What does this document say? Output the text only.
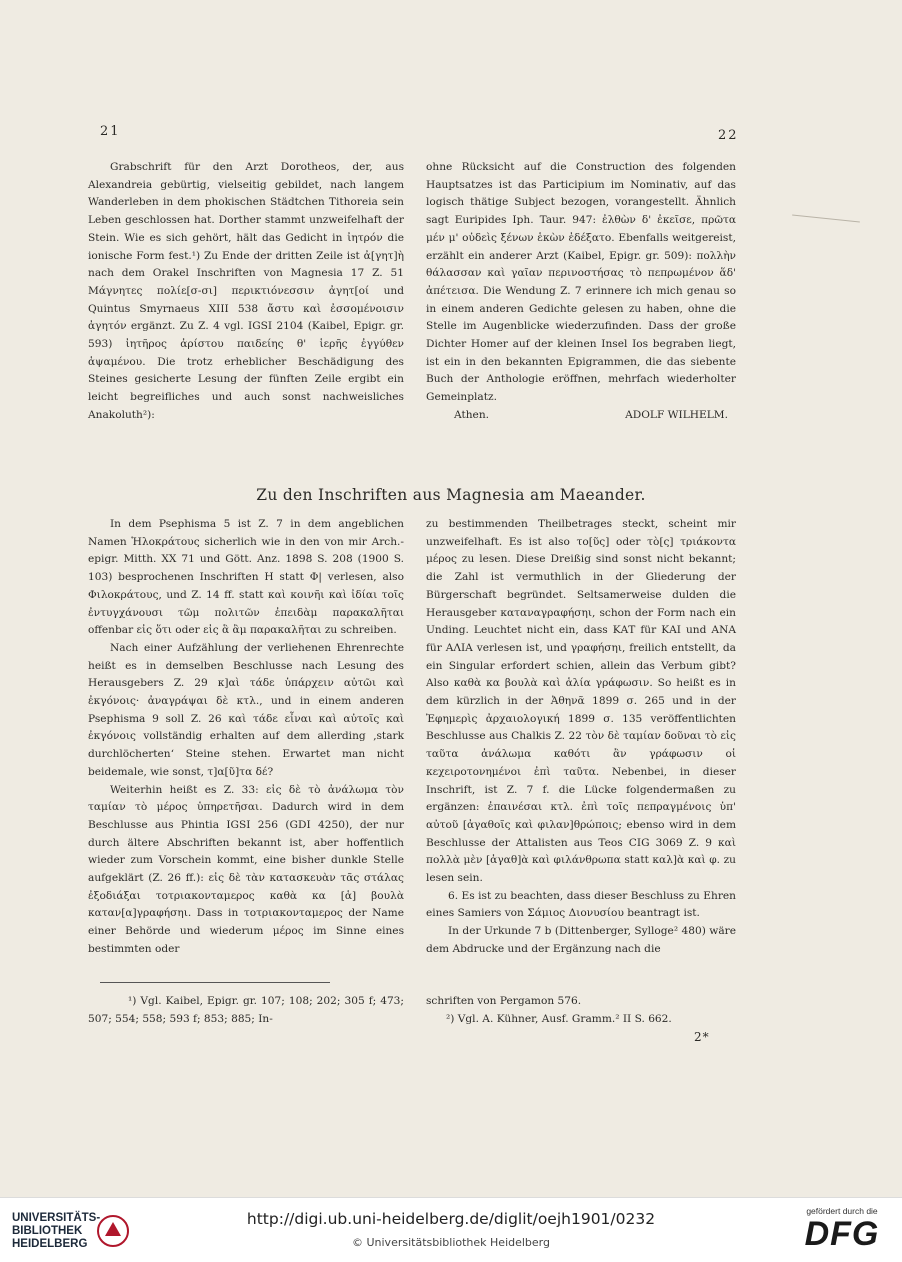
21	22

Grabschrift für den Arzt Dorotheos, der, aus Alexandreia gebürtig, vielseitig gebildet, nach langem Wanderleben in dem phokischen Städtchen Tithoreia sein Leben geschlossen hat. Dorther stammt unzweifelhaft der Stein. Wie es sich gehört, hält das Gedicht in ἰητρόν die ionische Form fest.¹) Zu Ende der dritten Zeile ist ἀ[γητ]ὴ nach dem Orakel Inschriften von Magnesia 17 Z. 51 Μάγνητες πολίε[σ-σι] περικτιόνεσσιν ἀγητ[οί und Quintus Smyrnaeus XIII 538 ἄστυ καὶ ἐσσομένοισιν ἀγητόν ergänzt. Zu Z. 4 vgl. IGSI 2104 (Kaibel, Epigr. gr. 593) ἰητῆρος ἀρίστου παιδείης θ' ἱερῆς ἐγγύθεν ἁψαμένου. Die trotz erheblicher Beschädigung des Steines gesicherte Lesung der fünften Zeile ergibt ein leicht begreifliches und auch sonst nachweisliches Anakoluth²):

ohne Rücksicht auf die Construction des folgenden Hauptsatzes ist das Participium im Nominativ, auf das logisch thätige Subject bezogen, vorangestellt. Ähnlich sagt Euripides Iph. Taur. 947: ἐλθὼν δ' ἐκεῖσε, πρῶτα μέν μ' οὐδεὶς ξένων ἑκὼν ἐδέξατο. Ebenfalls weitgereist, erzählt ein anderer Arzt (Kaibel, Epigr. gr. 509): πολλὴν θάλασσαν καὶ γαῖαν περινοστήσας τὸ πεπρωμένον ἅδ' ἀπέτεισα. Die Wendung Z. 7 erinnere ich mich genau so in einem anderen Gedichte gelesen zu haben, ohne die Stelle im Augenblicke wiederzufinden. Dass der große Dichter Homer auf der kleinen Insel Ios begraben liegt, ist ein in den bekannten Epigrammen, die das siebente Buch der Anthologie eröffnen, mehrfach wiederholter Gemeinplatz.

Athen.	ADOLF WILHELM.
Zu den Inschriften aus Magnesia am Maeander.

In dem Psephisma 5 ist Z. 7 in dem angeblichen Namen Ἡλοκράτους sicherlich wie in den von mir Arch.-epigr. Mitth. XX 71 und Gött. Anz. 1898 S. 208 (1900 S. 103) besprochenen Inschriften H statt Φ| verlesen, also Φιλοκράτους, und Z. 14 ff. statt καὶ κοινῆι καὶ ἰδίαι τοῖς ἐντυγχάνουσι τῶμ πολιτῶν ἐπειδὰμ παρακαλῆται offenbar εἰς ὅτι oder εἰς ἃ ἂμ παρακαλῆται zu schreiben.

Nach einer Aufzählung der verliehenen Ehrenrechte heißt es in demselben Beschlusse nach Lesung des Herausgebers Z. 29 κ]αὶ τάδε ὑπάρχειν αὐτῶι καὶ ἐκγόνοις· ἀναγράψαι δὲ κτλ., und in einem anderen Psephisma 9 soll Z. 26 καὶ τάδε εἶναι καὶ αὐτοῖς καὶ ἐκγόνοις vollständig erhalten auf dem allerding ‚stark durchlöcherten‘ Steine stehen. Erwartet man nicht beidemale, wie sonst, τ]α[ῦ]τα δέ?

Weiterhin heißt es Z. 33: εἰς δὲ τὸ ἀνάλωμα τὸν ταμίαν τὸ μέρος ὑπηρετῆσαι. Dadurch wird in dem Beschlusse aus Phintia IGSI 256 (GDI 4250), der nur durch ältere Abschriften bekannt ist, aber hoffentlich wieder zum Vorschein kommt, eine bisher dunkle Stelle aufgeklärt (Z. 26 ff.): εἰς δὲ τὰν κατασκευὰν τᾶς στάλας ἐξοδιάξαι τοτριακονταμερος καθὰ κα [ἁ] βουλὰ καταν[α]γραφήσηι. Dass in τοτριακονταμερος der Name einer Behörde und wiederum μέρος im Sinne eines bestimmten oder

zu bestimmenden Theilbetrages steckt, scheint mir unzweifelhaft. Es ist also το[ῦς] oder τὸ[ς] τριάκοντα μέρος zu lesen. Diese Dreißig sind sonst nicht bekannt; die Zahl ist vermuthlich in der Gliederung der Bürgerschaft begründet. Seltsamerweise dulden die Herausgeber καταναγραφήσηι, schon der Form nach ein Unding. Leuchtet nicht ein, dass ΚΑΤ für ΚΑΙ und ΑΝΑ für ΑΛΙΑ verlesen ist, und γραφήσηι, freilich entstellt, da ein Singular erfordert schien, allein das Verbum gibt? Also καθὰ κα βουλὰ καὶ ἁλία γράφωσιν. So heißt es in dem kürzlich in der Ἀθηνᾶ 1899 σ. 265 und in der Ἐφημερὶς ἀρχαιολογική 1899 σ. 135 veröffentlichten Beschlusse aus Chalkis Z. 22 τὸν δὲ ταμίαν δοῦναι τὸ εἰς ταῦτα ἀνάλωμα καθότι ἂν γράφωσιν οἱ κεχειροτονημένοι ἐπὶ ταῦτα. Nebenbei, in dieser Inschrift, ist Z. 7 f. die Lücke folgendermaßen zu ergänzen: ἐπαινέσαι κτλ. ἐπὶ τοῖς πεπραγμένοις ὑπ' αὐτοῦ [ἀγαθοῖς καὶ φιλαν]θρώποις; ebenso wird in dem Beschlusse der Attalisten aus Teos CIG 3069 Z. 9 καὶ πολλὰ μὲν [ἀγαθ]ὰ καὶ φιλάνθρωπα statt καλ]ὰ καὶ φ. zu lesen sein.

6. Es ist zu beachten, dass dieser Beschluss zu Ehren eines Samiers von Σάμιος Διονυσίου beantragt ist.

In der Urkunde 7 b (Dittenberger, Sylloge² 480) wäre dem Abdrucke und der Ergänzung nach die

¹) Vgl. Kaibel, Epigr. gr. 107; 108; 202; 305 f; 473; 507; 554; 558; 593 f; 853; 885; In-
schriften von Pergamon 576.
²) Vgl. A. Kühner, Ausf. Gramm.² II S. 662.
2*
UNIVERSITÄTS-
BIBLIOTHEK
HEIDELBERG
http://digi.ub.uni-heidelberg.de/diglit/oejh1901/0232
© Universitätsbibliothek Heidelberg
gefördert durch die
DFG
